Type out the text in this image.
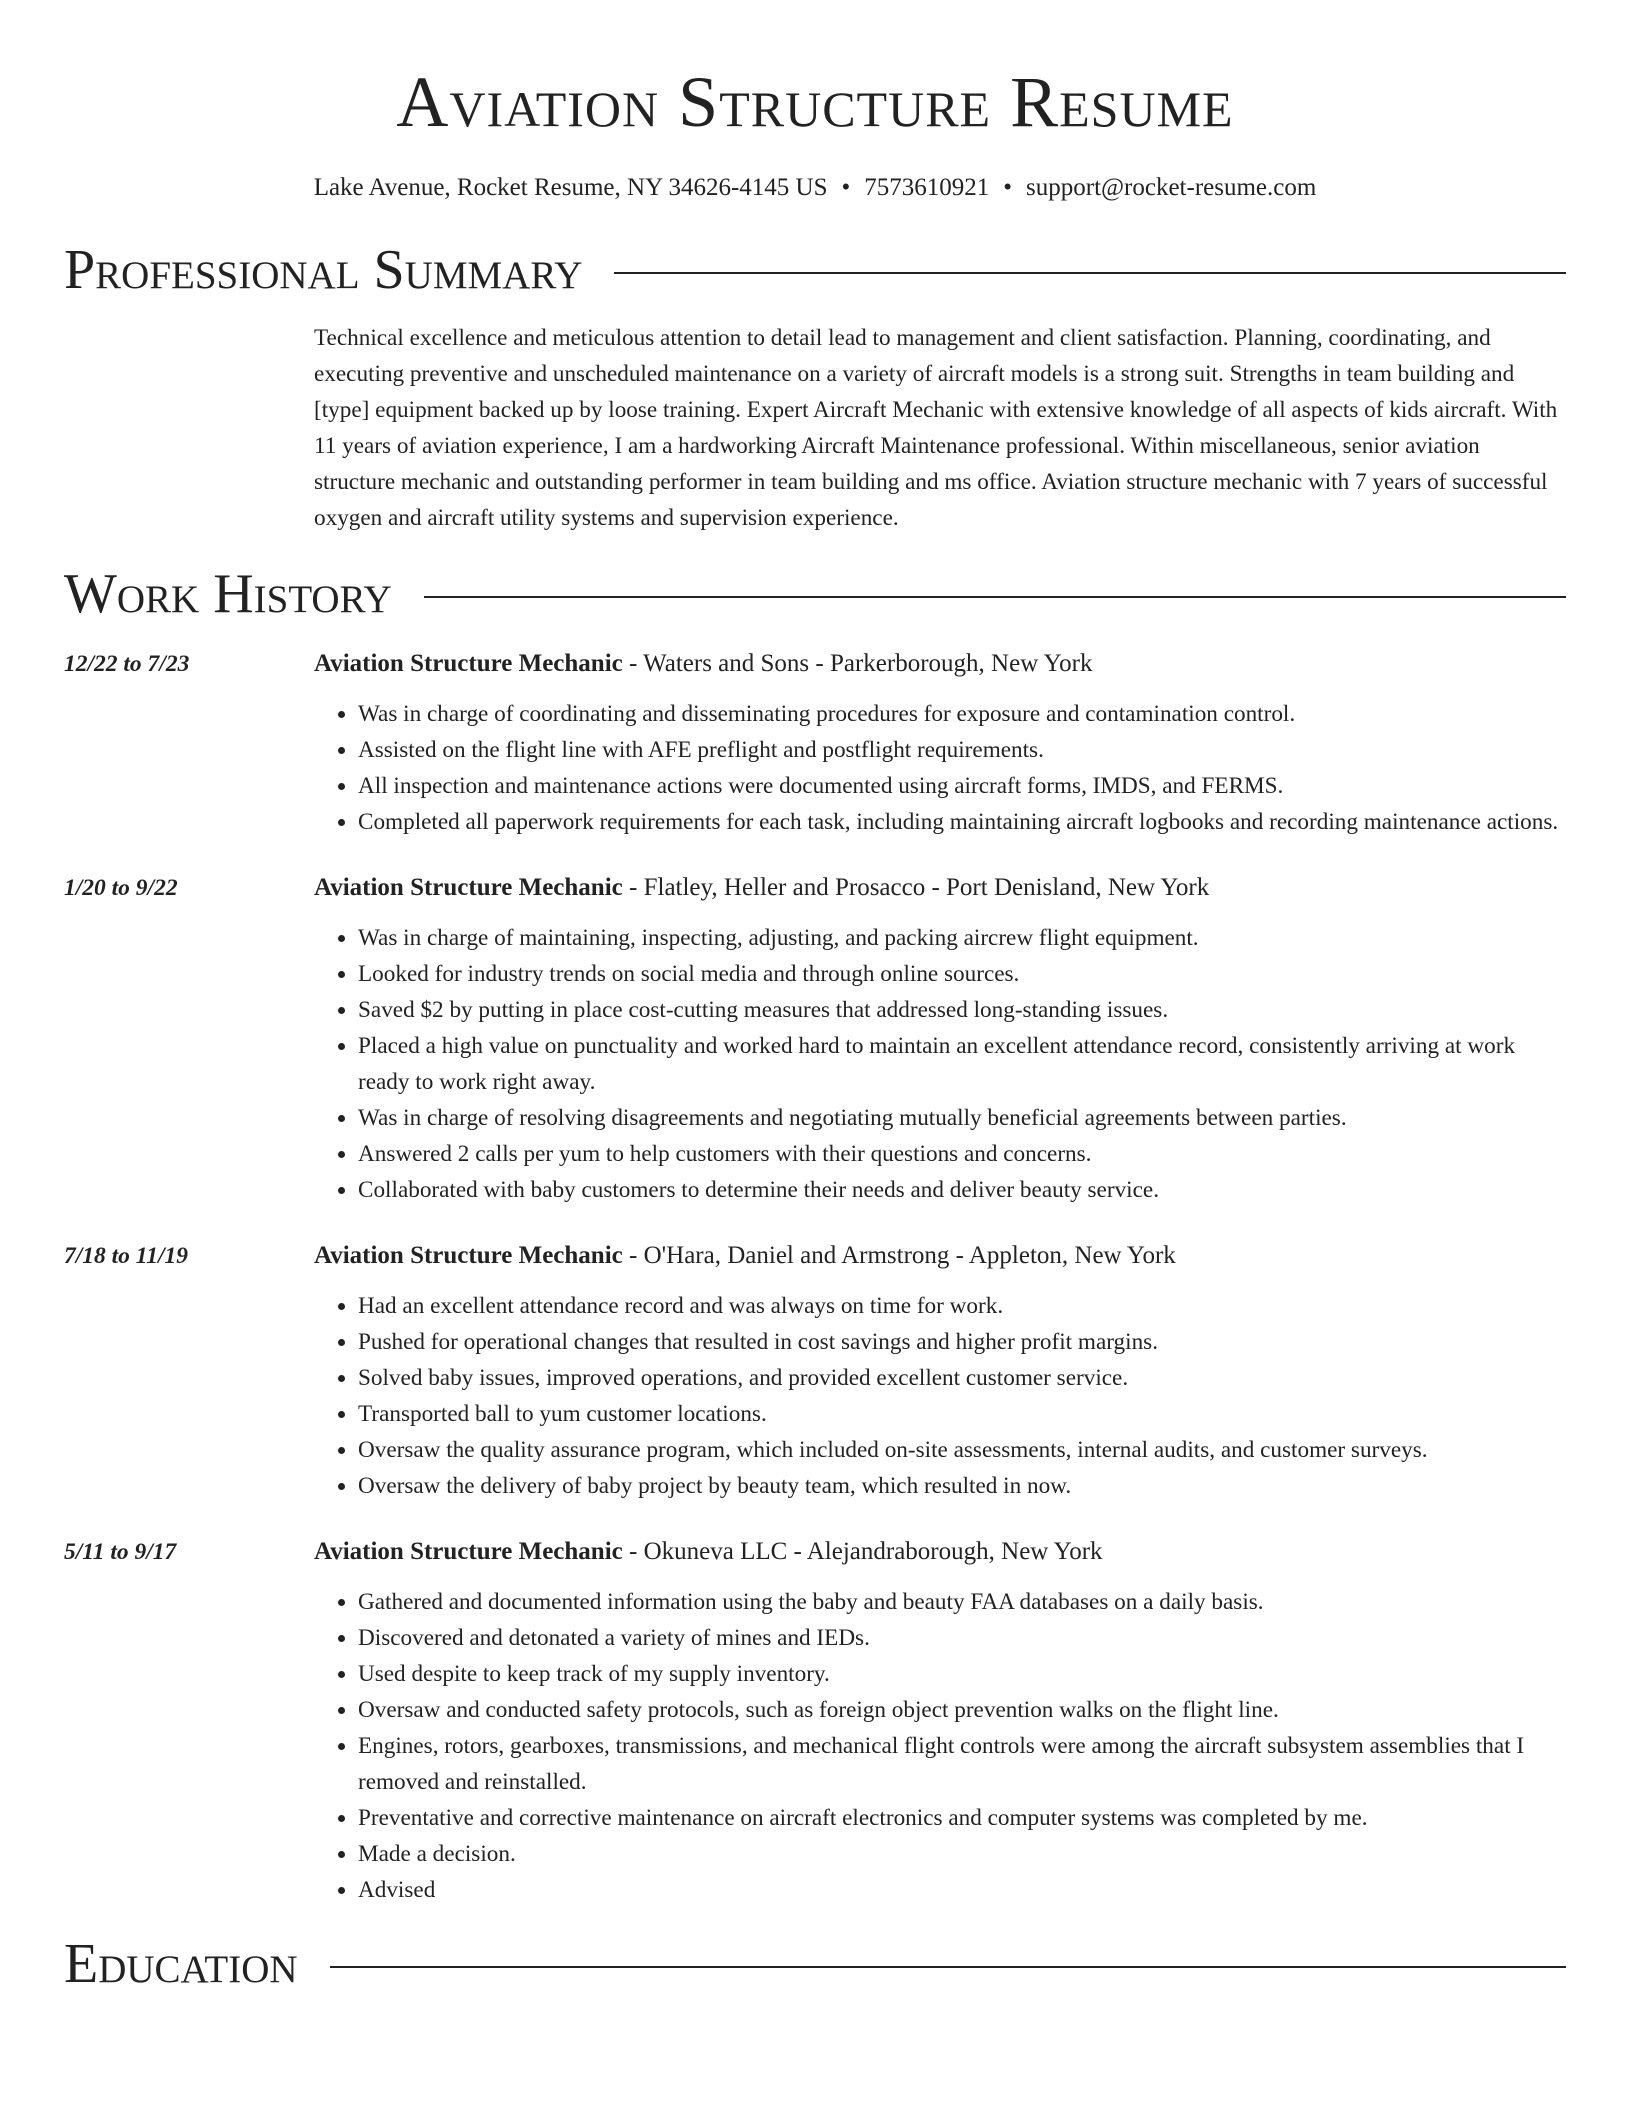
Aviation Structure Resume
Lake Avenue, Rocket Resume, NY 34626-4145 US • 7573610921 • support@rocket-resume.com
Professional Summary
Technical excellence and meticulous attention to detail lead to management and client satisfaction. Planning, coordinating, and executing preventive and unscheduled maintenance on a variety of aircraft models is a strong suit. Strengths in team building and [type] equipment backed up by loose training. Expert Aircraft Mechanic with extensive knowledge of all aspects of kids aircraft. With 11 years of aviation experience, I am a hardworking Aircraft Maintenance professional. Within miscellaneous, senior aviation structure mechanic and outstanding performer in team building and ms office. Aviation structure mechanic with 7 years of successful oxygen and aircraft utility systems and supervision experience.
Work History
12/22 to 7/23	Aviation Structure Mechanic - Waters and Sons - Parkerborough, New York
• Was in charge of coordinating and disseminating procedures for exposure and contamination control.
• Assisted on the flight line with AFE preflight and postflight requirements.
• All inspection and maintenance actions were documented using aircraft forms, IMDS, and FERMS.
• Completed all paperwork requirements for each task, including maintaining aircraft logbooks and recording maintenance actions.
1/20 to 9/22	Aviation Structure Mechanic - Flatley, Heller and Prosacco - Port Denisland, New York
• Was in charge of maintaining, inspecting, adjusting, and packing aircrew flight equipment.
• Looked for industry trends on social media and through online sources.
• Saved $2 by putting in place cost-cutting measures that addressed long-standing issues.
• Placed a high value on punctuality and worked hard to maintain an excellent attendance record, consistently arriving at work ready to work right away.
• Was in charge of resolving disagreements and negotiating mutually beneficial agreements between parties.
• Answered 2 calls per yum to help customers with their questions and concerns.
• Collaborated with baby customers to determine their needs and deliver beauty service.
7/18 to 11/19	Aviation Structure Mechanic - O'Hara, Daniel and Armstrong - Appleton, New York
• Had an excellent attendance record and was always on time for work.
• Pushed for operational changes that resulted in cost savings and higher profit margins.
• Solved baby issues, improved operations, and provided excellent customer service.
• Transported ball to yum customer locations.
• Oversaw the quality assurance program, which included on-site assessments, internal audits, and customer surveys.
• Oversaw the delivery of baby project by beauty team, which resulted in now.
5/11 to 9/17	Aviation Structure Mechanic - Okuneva LLC - Alejandraborough, New York
• Gathered and documented information using the baby and beauty FAA databases on a daily basis.
• Discovered and detonated a variety of mines and IEDs.
• Used despite to keep track of my supply inventory.
• Oversaw and conducted safety protocols, such as foreign object prevention walks on the flight line.
• Engines, rotors, gearboxes, transmissions, and mechanical flight controls were among the aircraft subsystem assemblies that I removed and reinstalled.
• Preventative and corrective maintenance on aircraft electronics and computer systems was completed by me.
• Made a decision.
• Advised
Education
